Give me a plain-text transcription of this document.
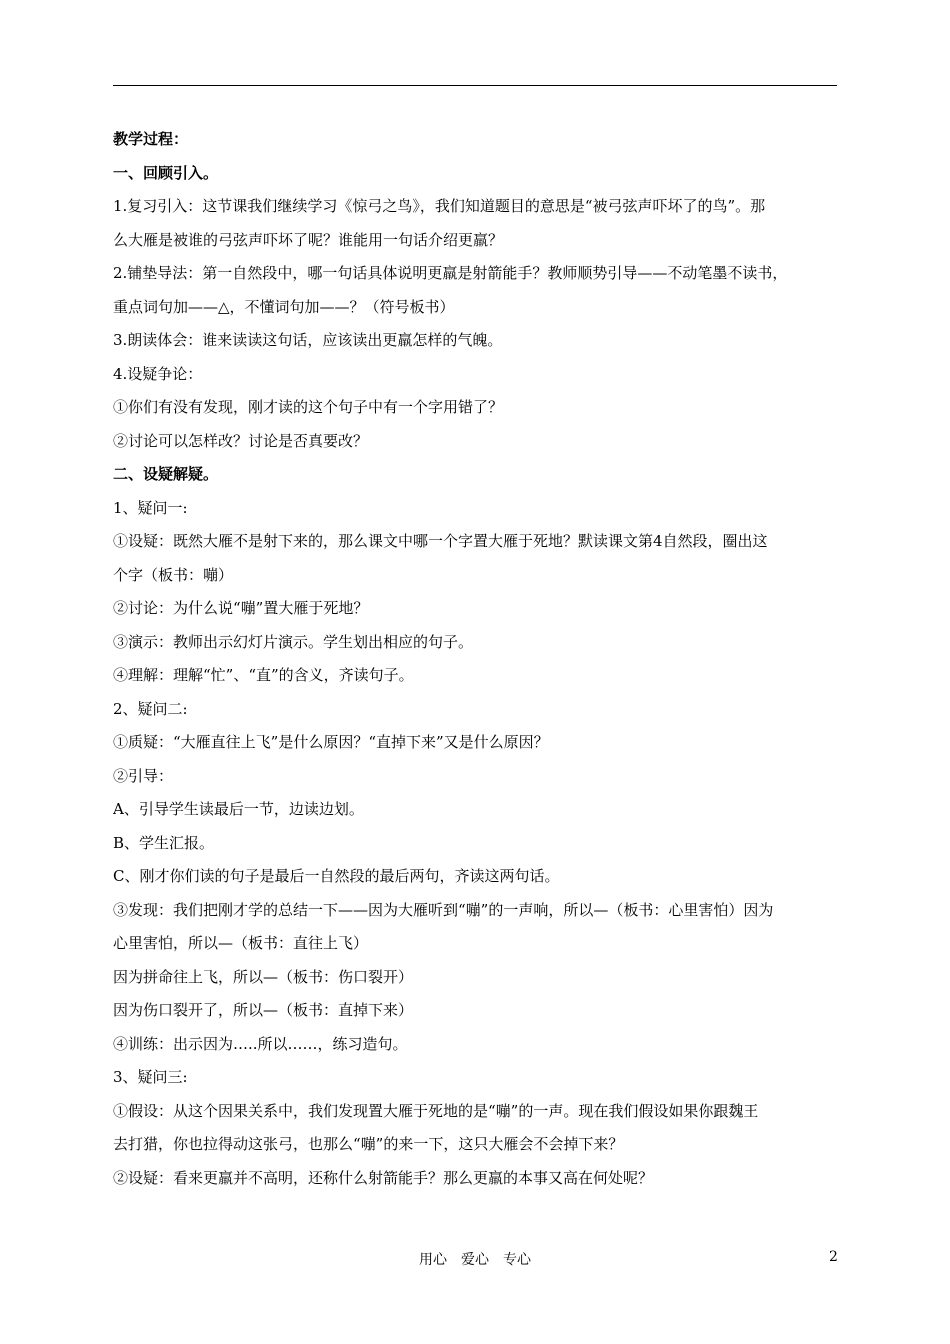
教学过程：
一、回顾引入。
1.复习引入：这节课我们继续学习《惊弓之鸟》，我们知道题目的意思是“被弓弦声吓坏了的鸟”。那
么大雁是被谁的弓弦声吓坏了呢？谁能用一句话介绍更羸？
2.铺垫导法：第一自然段中，哪一句话具体说明更羸是射箭能手？教师顺势引导——不动笔墨不读书，
重点词句加——△，不懂词句加——？（符号板书）
3.朗读体会：谁来读读这句话，应该读出更羸怎样的气魄。
4.设疑争论：
①你们有没有发现，刚才读的这个句子中有一个字用错了？
②讨论可以怎样改？讨论是否真要改？
二、设疑解疑。
1、疑问一:
①设疑：既然大雁不是射下来的，那么课文中哪一个字置大雁于死地？默读课文第4自然段，圈出这
个字（板书：嘣）
②讨论：为什么说“嘣”置大雁于死地？
③演示：教师出示幻灯片演示。学生划出相应的句子。
④理解：理解“忙”、“直”的含义，齐读句子。
2、疑问二:
①质疑：“大雁直往上飞”是什么原因？“直掉下来”又是什么原因？
②引导：
A、引导学生读最后一节，边读边划。
B、学生汇报。
C、刚才你们读的句子是最后一自然段的最后两句，齐读这两句话。
③发现：我们把刚才学的总结一下——因为大雁听到“嘣”的一声响，所以—（板书：心里害怕）因为
心里害怕，所以—（板书：直往上飞）
因为拼命往上飞，所以—（板书：伤口裂开）
因为伤口裂开了，所以—（板书：直掉下来）
④训练：出示因为…..所以……，练习造句。
3、疑问三:
①假设：从这个因果关系中，我们发现置大雁于死地的是“嘣”的一声。现在我们假设如果你跟魏王
去打猎，你也拉得动这张弓，也那么“嘣”的来一下，这只大雁会不会掉下来？
②设疑：看来更羸并不高明，还称什么射箭能手？那么更羸的本事又高在何处呢？
用心　爱心　专心	2
